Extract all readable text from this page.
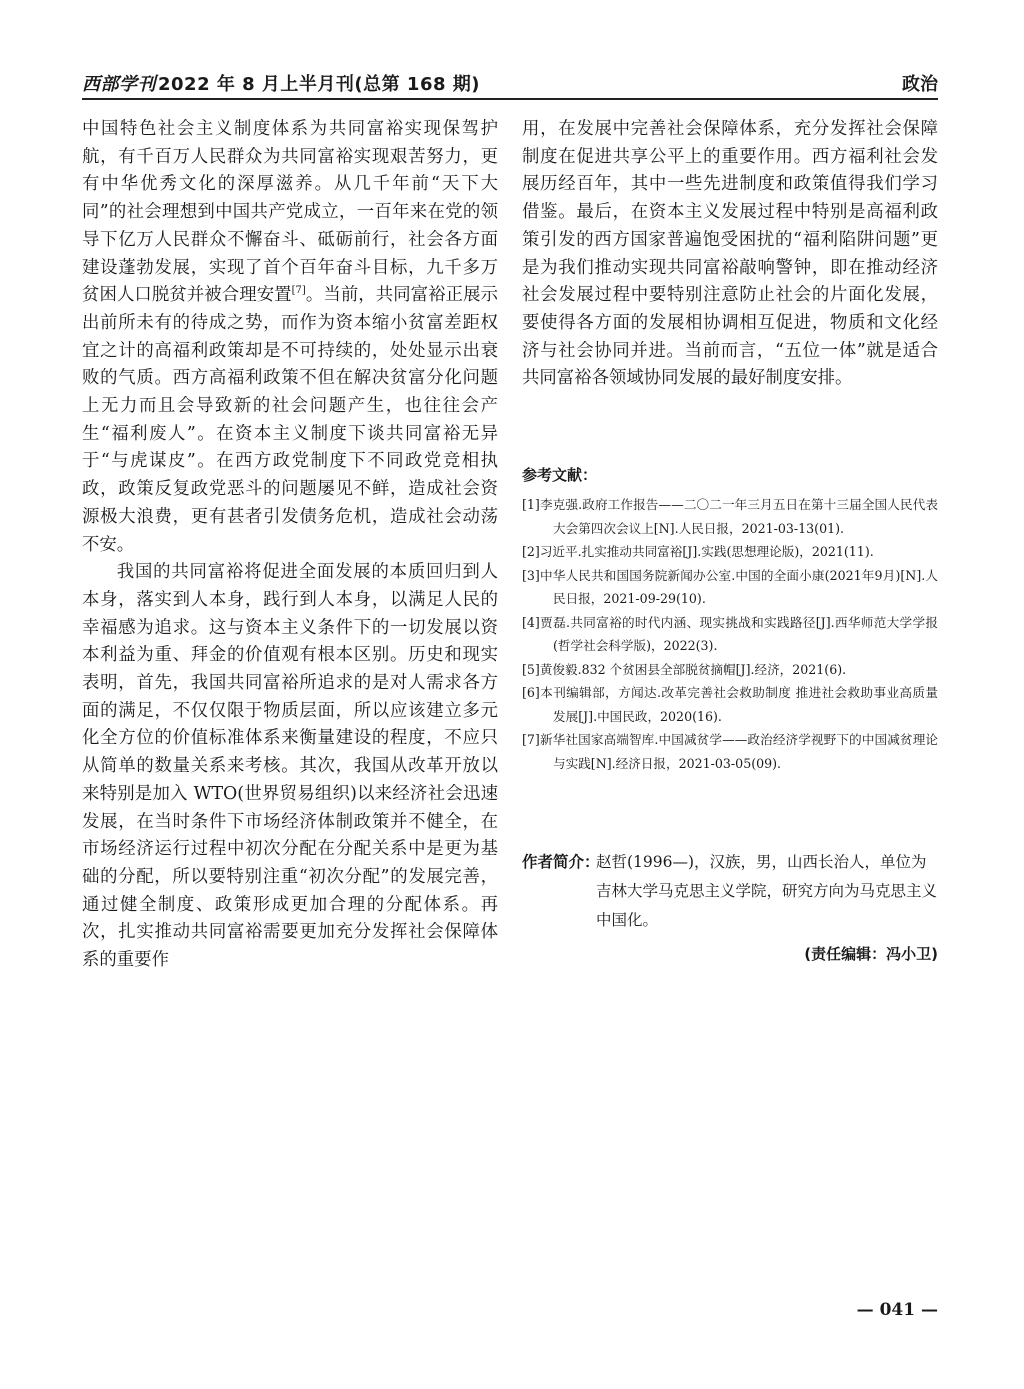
西部学刊 2022 年 8 月上半月刊(总第 168 期)	政治

中国特色社会主义制度体系为共同富裕实现保驾护航，有千百万人民群众为共同富裕实现艰苦努力，更有中华优秀文化的深厚滋养。从几千年前“天下大同”的社会理想到中国共产党成立，一百年来在党的领导下亿万人民群众不懈奋斗、砥砺前行，社会各方面建设蓬勃发展，实现了首个百年奋斗目标，九千多万贫困人口脱贫并被合理安置[7]。当前，共同富裕正展示出前所未有的待成之势，而作为资本缩小贫富差距权宜之计的高福利政策却是不可持续的，处处显示出衰败的气质。西方高福利政策不但在解决贫富分化问题上无力而且会导致新的社会问题产生，也往往会产生“福利废人”。在资本主义制度下谈共同富裕无异于“与虎谋皮”。在西方政党制度下不同政党竞相执政，政策反复政党恶斗的问题屡见不鲜，造成社会资源极大浪费，更有甚者引发债务危机，造成社会动荡不安。

我国的共同富裕将促进全面发展的本质回归到人本身，落实到人本身，践行到人本身，以满足人民的幸福感为追求。这与资本主义条件下的一切发展以资本利益为重、拜金的价值观有根本区别。历史和现实表明，首先，我国共同富裕所追求的是对人需求各方面的满足，不仅仅限于物质层面，所以应该建立多元化全方位的价值标准体系来衡量建设的程度，不应只从简单的数量关系来考核。其次，我国从改革开放以来特别是加入 WTO(世界贸易组织)以来经济社会迅速发展，在当时条件下市场经济体制政策并不健全，在市场经济运行过程中初次分配在分配关系中是更为基础的分配，所以要特别注重“初次分配”的发展完善，通过健全制度、政策形成更加合理的分配体系。再次，扎实推动共同富裕需要更加充分发挥社会保障体系的重要作

用，在发展中完善社会保障体系，充分发挥社会保障制度在促进共享公平上的重要作用。西方福利社会发展历经百年，其中一些先进制度和政策值得我们学习借鉴。最后，在资本主义发展过程中特别是高福利政策引发的西方国家普遍饱受困扰的“福利陷阱问题”更是为我们推动实现共同富裕敲响警钟，即在推动经济社会发展过程中要特别注意防止社会的片面化发展，要使得各方面的发展相协调相互促进，物质和文化经济与社会协同并进。当前而言，“五位一体”就是适合共同富裕各领域协同发展的最好制度安排。

参考文献：
[1]李克强.政府工作报告——二〇二一年三月五日在第十三届全国人民代表大会第四次会议上[N].人民日报，2021-03-13(01).
[2]习近平.扎实推动共同富裕[J].实践(思想理论版)，2021(11).
[3]中华人民共和国国务院新闻办公室.中国的全面小康(2021年9月)[N].人民日报，2021-09-29(10).
[4]贾磊.共同富裕的时代内涵、现实挑战和实践路径[J].西华师范大学学报(哲学社会科学版)，2022(3).
[5]黄俊毅.832 个贫困县全部脱贫摘帽[J].经济，2021(6).
[6]本刊编辑部，方闻达.改革完善社会救助制度 推进社会救助事业高质量发展[J].中国民政，2020(16).
[7]新华社国家高端智库.中国减贫学——政治经济学视野下的中国减贫理论与实践[N].经济日报，2021-03-05(09).
作者简介：
赵哲(1996—)，汉族，男，山西长治人，单位为吉林大学马克思主义学院，研究方向为马克思主义中国化。
(责任编辑：冯小卫)
— 041 —
